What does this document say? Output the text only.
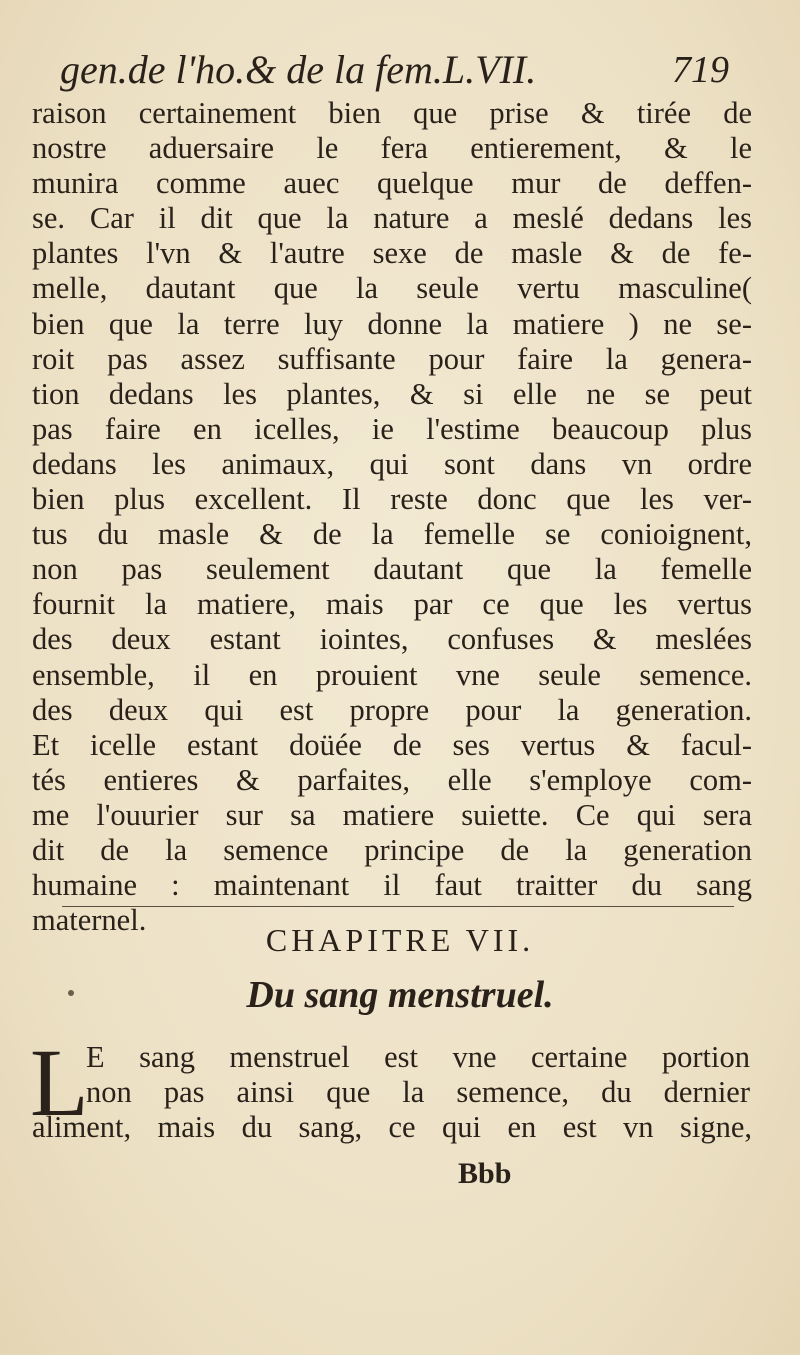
gen.de l'ho.& de la fem.L.VII.	719
raison certainement bien que prise & tirée de
nostre aduersaire le fera entierement, & le
munira comme auec quelque mur de deffen-
se. Car il dit que la nature a meslé dedans les
plantes l'vn & l'autre sexe de masle & de fe-
melle, dautant que la seule vertu masculine(
bien que la terre luy donne la matiere ) ne se-
roit pas assez suffisante pour faire la genera-
tion dedans les plantes, & si elle ne se peut
pas faire en icelles, ie l'estime beaucoup plus
dedans les animaux, qui sont dans vn ordre
bien plus excellent. Il reste donc que les ver-
tus du masle & de la femelle se conioignent,
non pas seulement dautant que la femelle
fournit la matiere, mais par ce que les vertus
des deux estant iointes, confuses & meslées
ensemble, il en prouient vne seule semence.
des deux qui est propre pour la generation.
Et icelle estant doüée de ses vertus & facul-
tés entieres & parfaites, elle s'employe com-
me l'ouurier sur sa matiere suiette. Ce qui sera
dit de la semence principe de la generation
humaine : maintenant il faut traitter du sang
maternel.
CHAPITRE VII.
Du sang menstruel.
L
E sang menstruel est vne certaine portion
non pas ainsi que la semence, du dernier
aliment, mais du sang, ce qui en est vn signe,
Bbb
